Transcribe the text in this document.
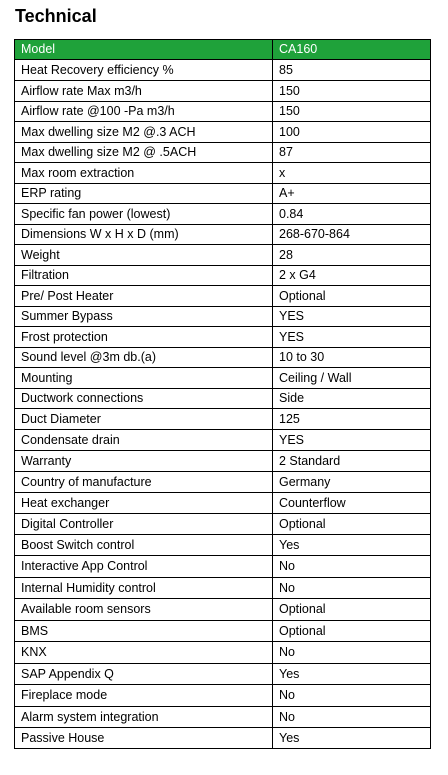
Technical
Model	CA160
Heat Recovery efficiency %	85
Airflow rate Max m3/h	150
Airflow rate @100 -Pa m3/h	150
Max dwelling size M2 @.3 ACH	100
Max dwelling size M2 @ .5ACH	87
Max room extraction	x
ERP rating	A+
Specific fan power (lowest)	0.84
Dimensions W x H x D (mm)	268-670-864
Weight	28
Filtration	2 x G4
Pre/ Post Heater	Optional
Summer Bypass	YES
Frost protection	YES
Sound level @3m db.(a)	10 to 30
Mounting	Ceiling / Wall
Ductwork connections	Side
Duct Diameter	125
Condensate drain	YES
Warranty	2 Standard
Country of manufacture	Germany
Heat exchanger	Counterflow
Digital Controller	Optional
Boost Switch control	Yes
Interactive App Control	No
Internal Humidity control	No
Available room sensors	Optional
BMS	Optional
KNX	No
SAP Appendix Q	Yes
Fireplace mode	No
Alarm system integration	No
Passive House	Yes
